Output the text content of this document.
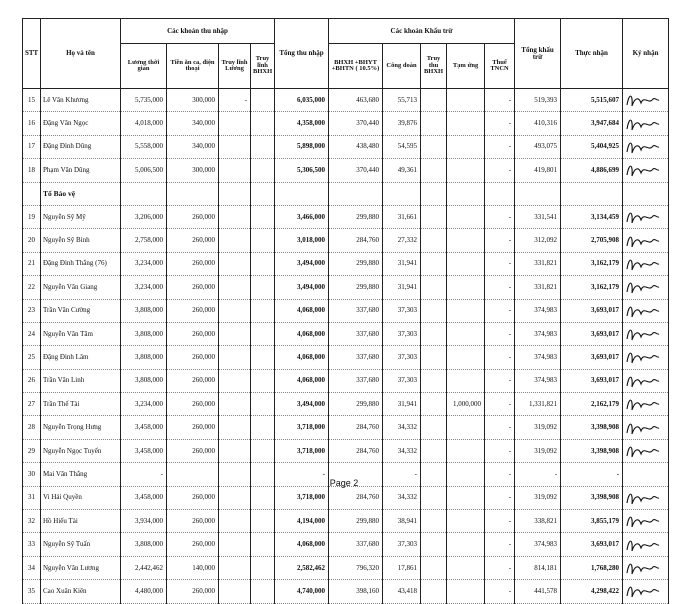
STT	Họ và tên	Các khoản thu nhập				Tổng thu nhập	Các khoản Khấu trừ					Tổng khấu trừ	Thực nhận	Ký nhận
		Lương thời gian	Tiền ăn ca, điện thoại	Truy lĩnh Lương	Truy lĩnh BHXH		BHXH +BHYT +BHTN ( 10.5%)	Công đoàn	Truy thu BHXH	Tạm ứng	Thuế TNCN			
15	Lê Văn Khương	5,735,000	300,000	-		6,035,000	463,680	55,713			-	519,393	5,515,607	

16	Đặng Văn Ngọc	4,018,000	340,000			4,358,000	370,440	39,876			-	410,316	3,947,684	

17	Đặng Đình Dũng	5,558,000	340,000			5,898,000	438,480	54,595			-	493,075	5,404,925	

18	Phạm Văn Dũng	5,006,500	300,000			5,306,500	370,440	49,361			-	419,801	4,886,699	

	Tổ Bảo vệ													
19	Nguyễn Sỹ Mỹ	3,206,000	260,000			3,466,000	299,880	31,661			-	331,541	3,134,459	

20	Nguyễn Sỹ Bình	2,758,000	260,000			3,018,000	284,760	27,332			-	312,092	2,705,908	

21	Đặng Đình Thắng (76)	3,234,000	260,000			3,494,000	299,880	31,941			-	331,821	3,162,179	

22	Nguyễn Văn Giang	3,234,000	260,000			3,494,000	299,880	31,941			-	331,821	3,162,179	

23	Trần Văn Cường	3,808,000	260,000			4,068,000	337,680	37,303			-	374,983	3,693,017	

24	Nguyễn Văn Tâm	3,808,000	260,000			4,068,000	337,680	37,303			-	374,983	3,693,017	

25	Đặng Đình Lâm	3,808,000	260,000			4,068,000	337,680	37,303			-	374,983	3,693,017	

26	Trần Văn Linh	3,808,000	260,000			4,068,000	337,680	37,303			-	374,983	3,693,017	

27	Trần Thế Tài	3,234,000	260,000			3,494,000	299,880	31,941		1,000,000	-	1,331,821	2,162,179	

28	Nguyễn Trọng Hưng	3,458,000	260,000			3,718,000	284,760	34,332			-	319,092	3,398,908	

29	Nguyễn Ngọc Tuyến	3,458,000	260,000			3,718,000	284,760	34,332			-	319,092	3,398,908	

30	Mai Văn Thắng	-				-		-			-	-	-	
31	Vi Hải Quyền	3,458,000	260,000			3,718,000	284,760	34,332			-	319,092	3,398,908	

32	Hồ Hiếu Tài	3,934,000	260,000			4,194,000	299,880	38,941			-	338,821	3,855,179	

33	Nguyễn Sỹ Tuấn	3,808,000	260,000			4,068,000	337,680	37,303			-	374,983	3,693,017	

34	Nguyễn Văn Lương	2,442,462	140,000			2,582,462	796,320	17,861			-	814,181	1,768,280	

35	Cao Xuân Kiên	4,480,000	260,000			4,740,000	398,160	43,418			-	441,578	4,298,422	
Page 2
